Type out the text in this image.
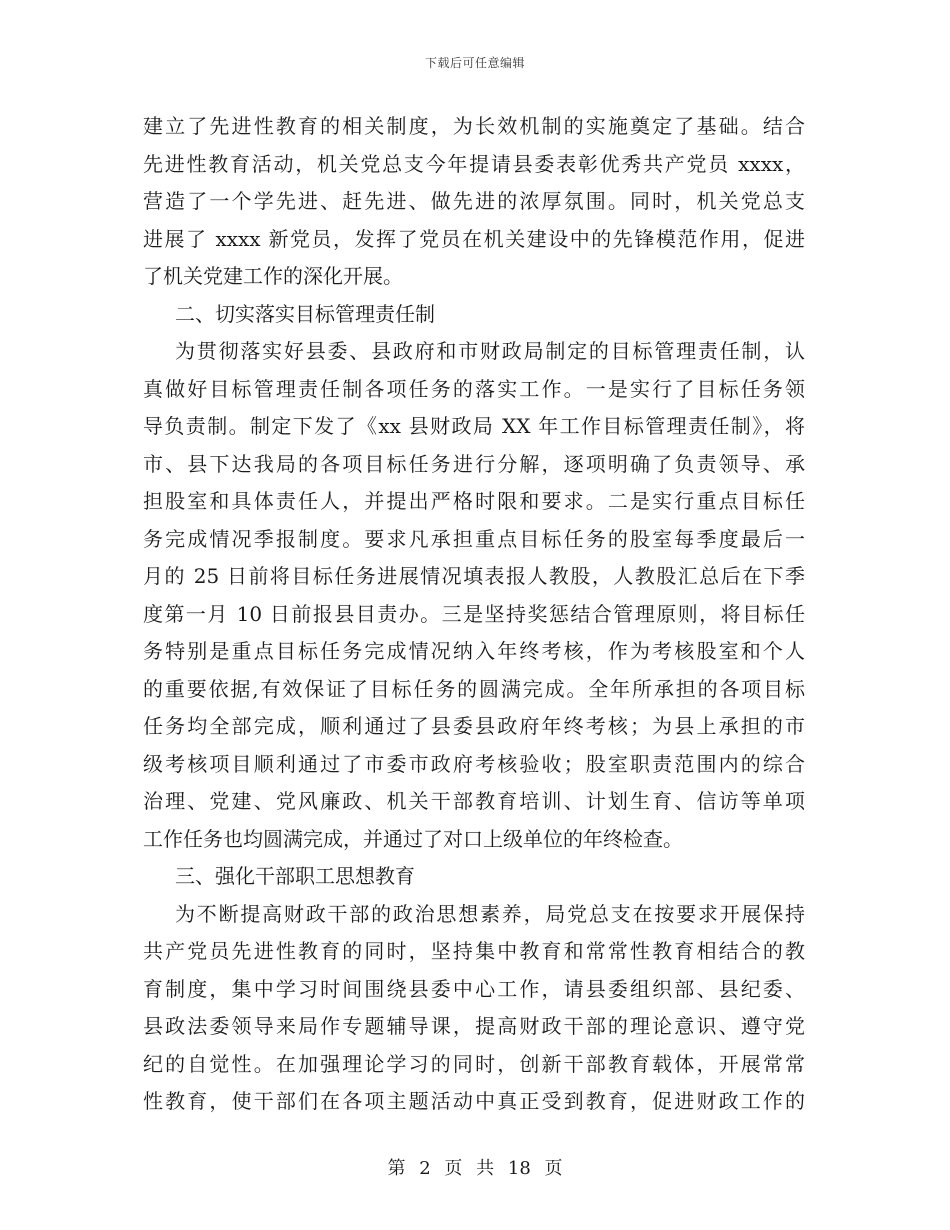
下载后可任意编辑
建立了先进性教育的相关制度，为长效机制的实施奠定了基础。结合
先进性教育活动，机关党总支今年提请县委表彰优秀共产党员 xxxx，
营造了一个学先进、赶先进、做先进的浓厚氛围。同时，机关党总支
进展了 xxxx 新党员，发挥了党员在机关建设中的先锋模范作用，促进
了机关党建工作的深化开展。
二、切实落实目标管理责任制
为贯彻落实好县委、县政府和市财政局制定的目标管理责任制，认
真做好目标管理责任制各项任务的落实工作。一是实行了目标任务领
导负责制。制定下发了《xx 县财政局 XX 年工作目标管理责任制》，将
市、县下达我局的各项目标任务进行分解，逐项明确了负责领导、承
担股室和具体责任人，并提出严格时限和要求。二是实行重点目标任
务完成情况季报制度。要求凡承担重点目标任务的股室每季度最后一
月的 25 日前将目标任务进展情况填表报人教股，人教股汇总后在下季
度第一月 10 日前报县目责办。三是坚持奖惩结合管理原则，将目标任
务特别是重点目标任务完成情况纳入年终考核，作为考核股室和个人
的重要依据,有效保证了目标任务的圆满完成。全年所承担的各项目标
任务均全部完成，顺利通过了县委县政府年终考核；为县上承担的市
级考核项目顺利通过了市委市政府考核验收；股室职责范围内的综合
治理、党建、党风廉政、机关干部教育培训、计划生育、信访等单项
工作任务也均圆满完成，并通过了对口上级单位的年终检查。
三、强化干部职工思想教育
为不断提高财政干部的政治思想素养，局党总支在按要求开展保持
共产党员先进性教育的同时，坚持集中教育和常常性教育相结合的教
育制度，集中学习时间围绕县委中心工作，请县委组织部、县纪委、
县政法委领导来局作专题辅导课，提高财政干部的理论意识、遵守党
纪的自觉性。在加强理论学习的同时，创新干部教育载体，开展常常
性教育，使干部们在各项主题活动中真正受到教育，促进财政工作的
第 2 页 共 18 页
